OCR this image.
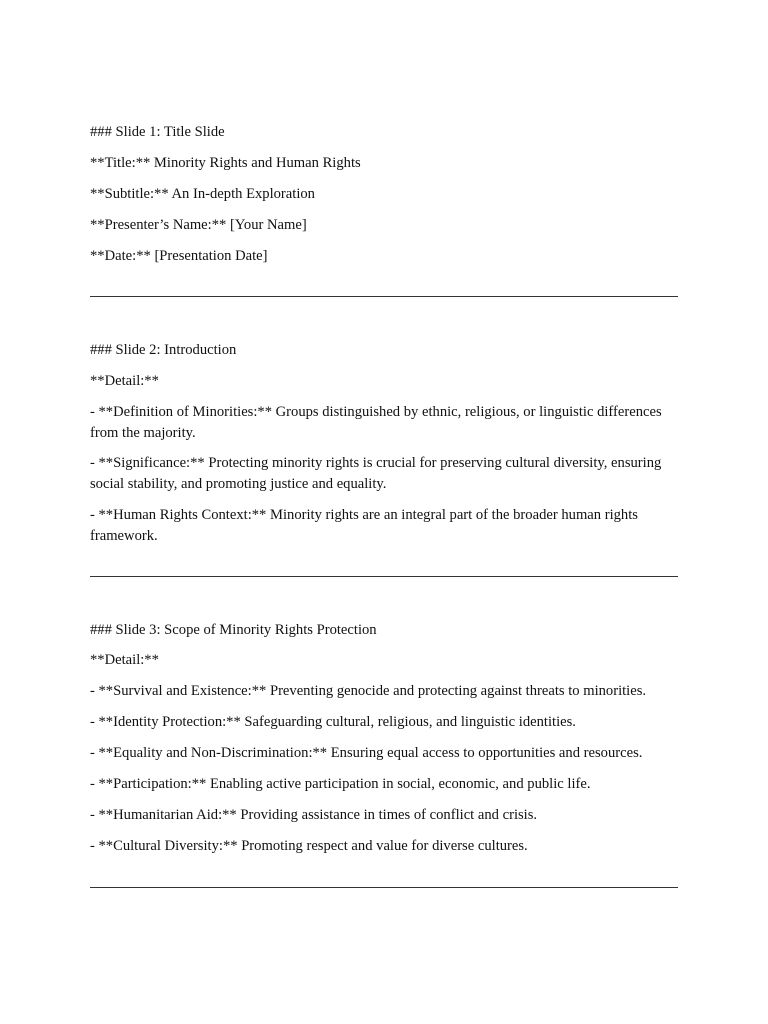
### Slide 1: Title Slide

**Title:** Minority Rights and Human Rights

**Subtitle:** An In-depth Exploration

**Presenter’s Name:** [Your Name]

**Date:** [Presentation Date]

### Slide 2: Introduction

**Detail:**

- **Definition of Minorities:** Groups distinguished by ethnic, religious, or linguistic differences from the majority.

- **Significance:** Protecting minority rights is crucial for preserving cultural diversity, ensuring social stability, and promoting justice and equality.

- **Human Rights Context:** Minority rights are an integral part of the broader human rights framework.

### Slide 3: Scope of Minority Rights Protection

**Detail:**

- **Survival and Existence:** Preventing genocide and protecting against threats to minorities.

- **Identity Protection:** Safeguarding cultural, religious, and linguistic identities.

- **Equality and Non-Discrimination:** Ensuring equal access to opportunities and resources.

- **Participation:** Enabling active participation in social, economic, and public life.

- **Humanitarian Aid:** Providing assistance in times of conflict and crisis.

- **Cultural Diversity:** Promoting respect and value for diverse cultures.
